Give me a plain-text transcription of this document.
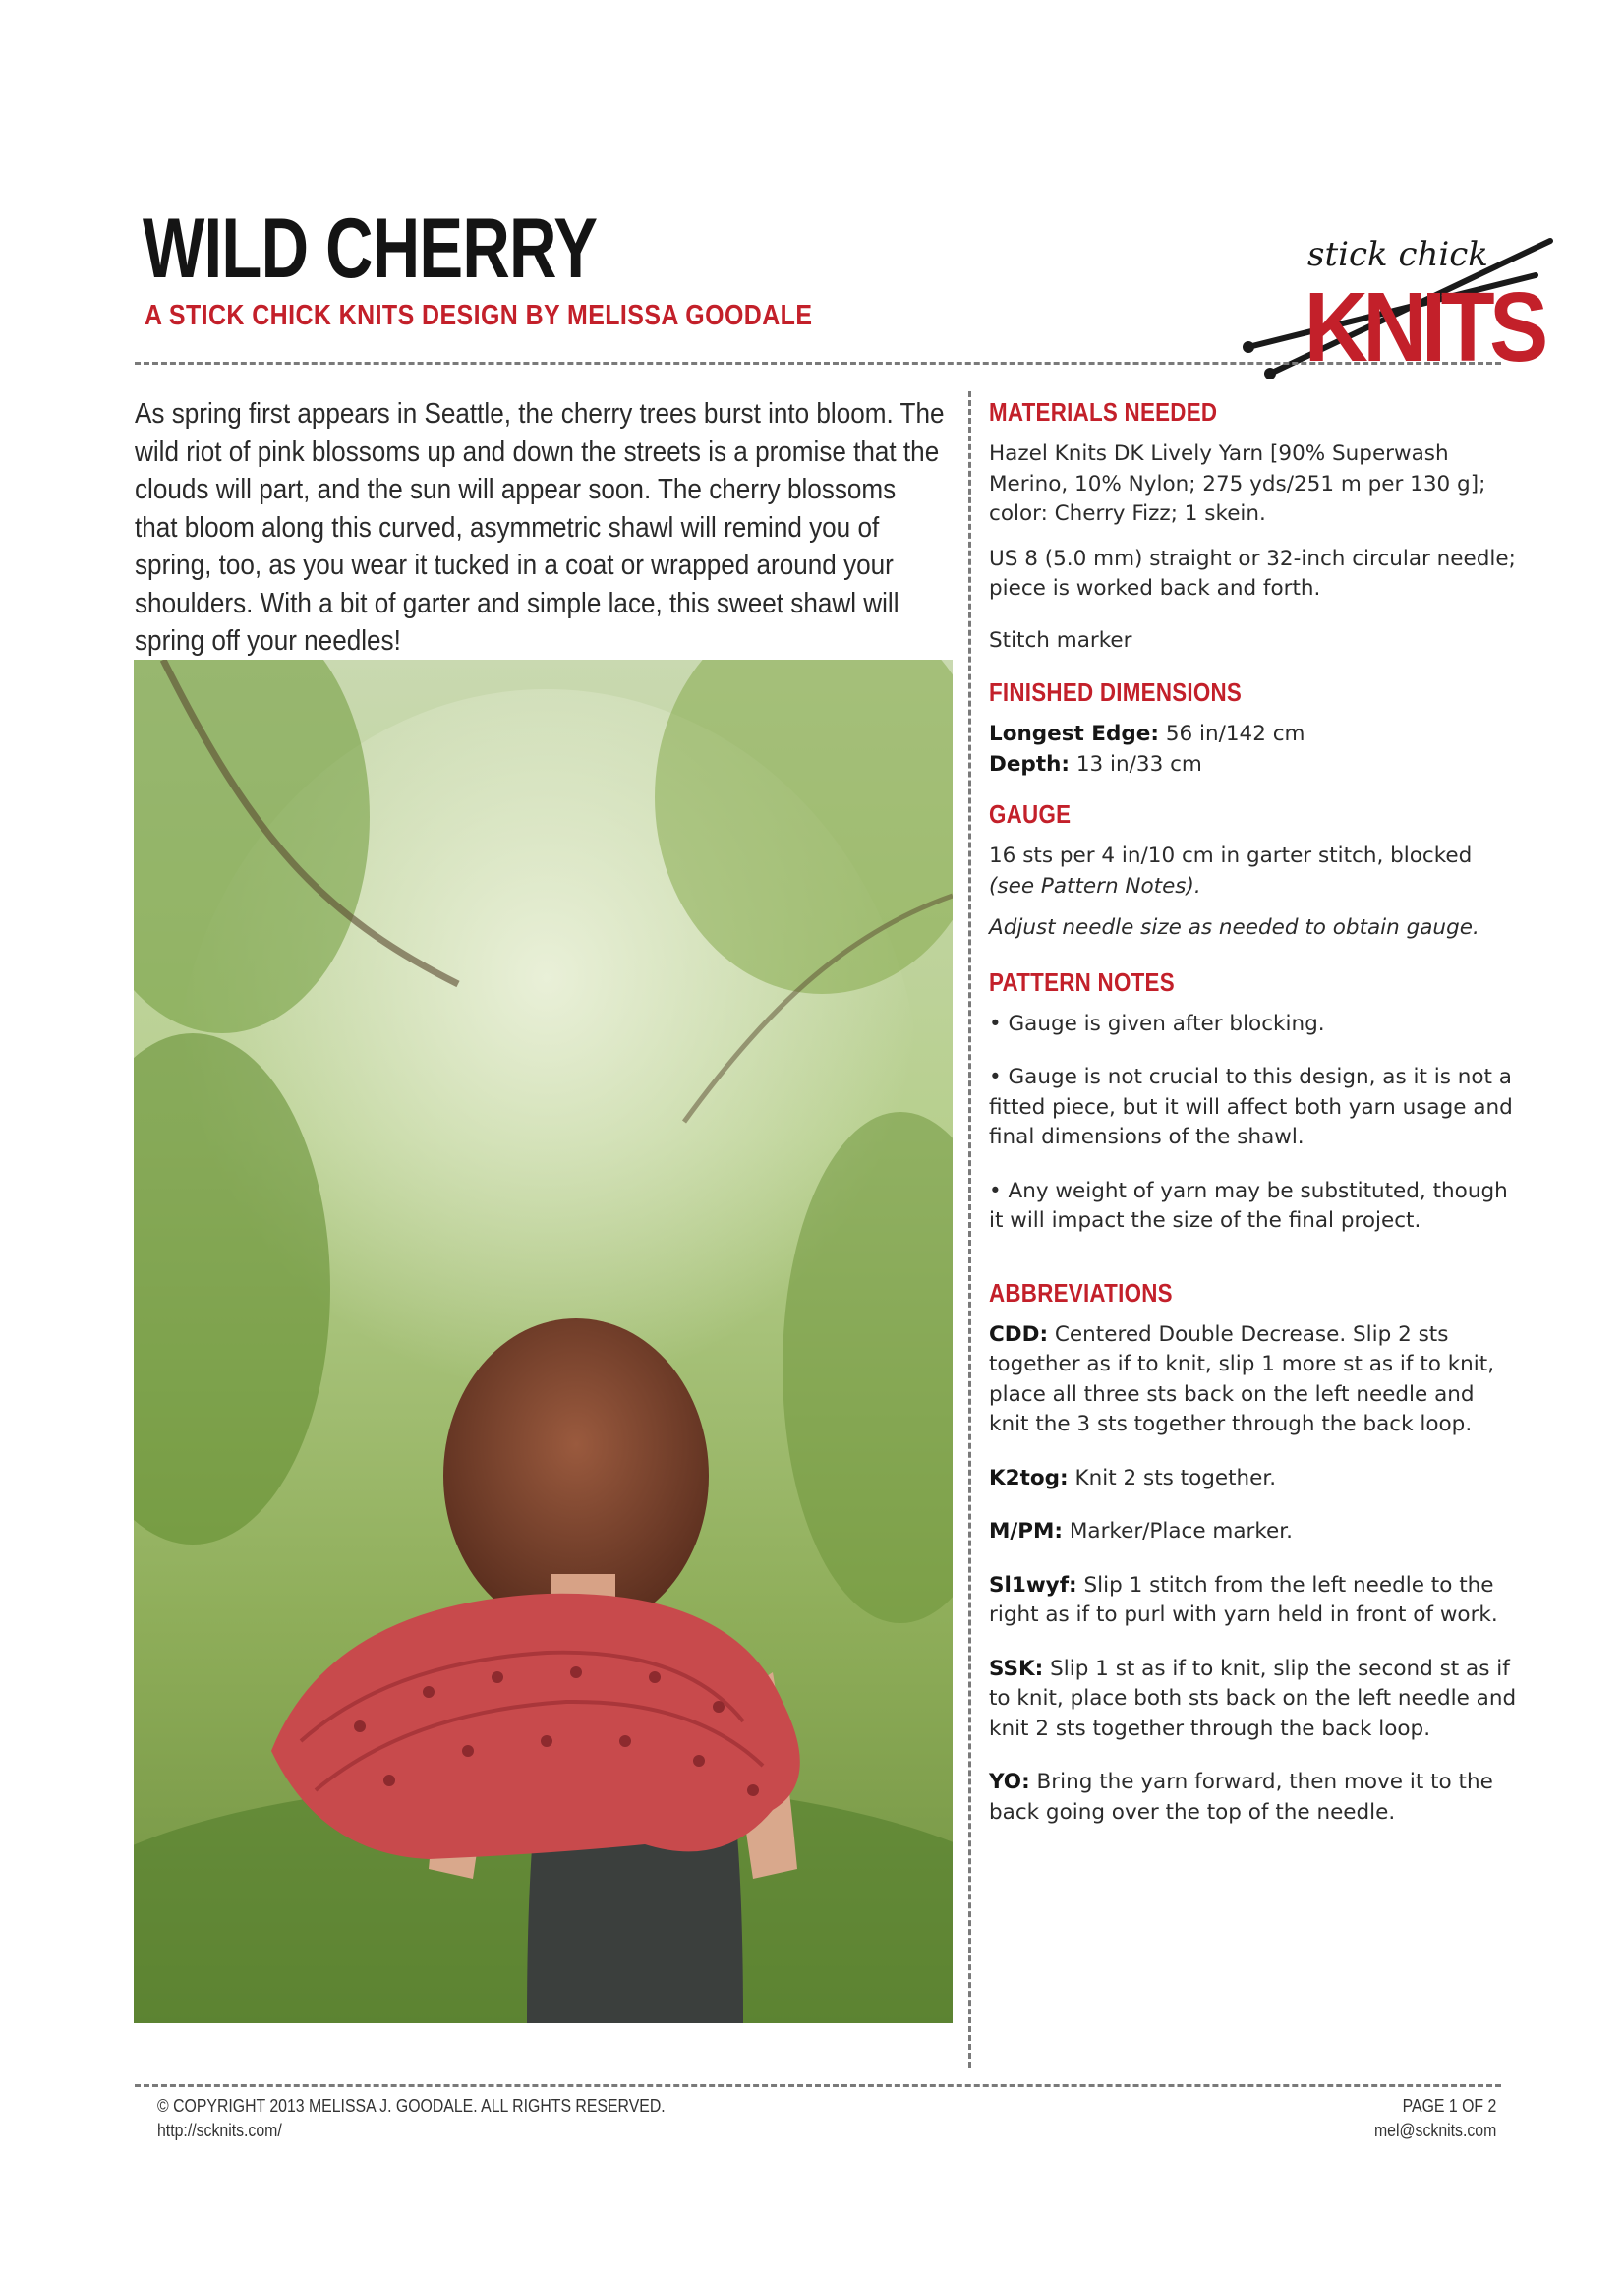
WILD CHERRY
A STICK CHICK KNITS DESIGN BY MELISSA GOODALE
stick chick
KNITS

As spring first appears in Seattle, the cherry trees burst into bloom. The wild riot of pink blossoms up and down the streets is a promise that the clouds will part, and the sun will appear soon. The cherry blossoms that bloom along this curved, asymmetric shawl will remind you of spring, too, as you wear it tucked in a coat or wrapped around your shoulders. With a bit of garter and simple lace, this sweet shawl will spring off your needles!

MATERIALS NEEDED

Hazel Knits DK Lively Yarn [90% Superwash Merino, 10% Nylon; 275 yds/251 m per 130 g]; color: Cherry Fizz; 1 skein.

US 8 (5.0 mm) straight or 32-inch circular needle; piece is worked back and forth.

Stitch marker

FINISHED DIMENSIONS

Longest Edge: 56 in/142 cm

Depth: 13 in/33 cm

GAUGE

16 sts per 4 in/10 cm in garter stitch, blocked

(see Pattern Notes).

Adjust needle size as needed to obtain gauge.

PATTERN NOTES

• Gauge is given after blocking.

• Gauge is not crucial to this design, as it is not a fitted piece, but it will affect both yarn usage and final dimensions of the shawl.

• Any weight of yarn may be substituted, though it will impact the size of the final project.

ABBREVIATIONS

CDD: Centered Double Decrease. Slip 2 sts together as if to knit, slip 1 more st as if to knit, place all three sts back on the left needle and knit the 3 sts together through the back loop.

K2tog: Knit 2 sts together.

M/PM: Marker/Place marker.

Sl1wyf: Slip 1 stitch from the left needle to the right as if to purl with yarn held in front of work.

SSK: Slip 1 st as if to knit, slip the second st as if to knit, place both sts back on the left needle and knit 2 sts together through the back loop.

YO: Bring the yarn forward, then move it to the back going over the top of the needle.

© COPYRIGHT 2013 MELISSA J. GOODALE. ALL RIGHTS RESERVED.
http://scknits.com/
PAGE 1 OF 2
mel@scknits.com
